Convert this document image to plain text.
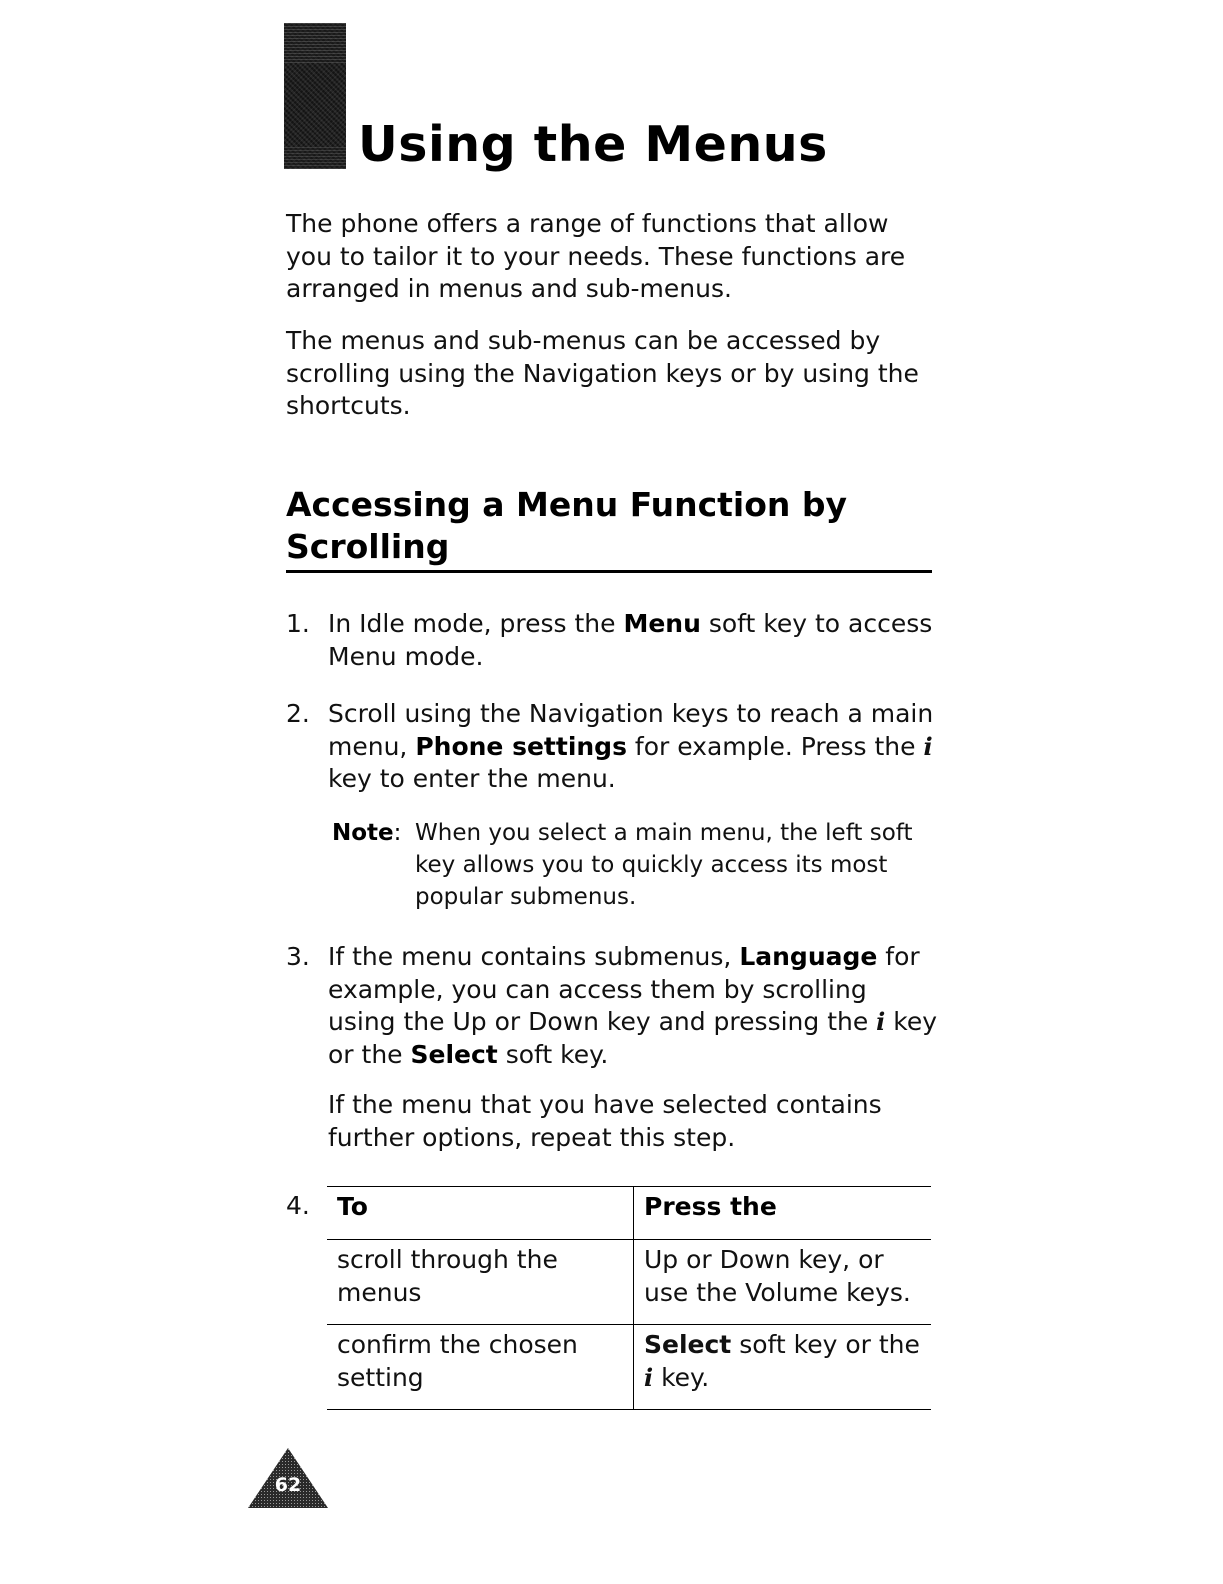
Using the Menus

The phone offers a range of functions that allow you to tailor it to your needs. These functions are arranged in menus and sub-menus.

The menus and sub-menus can be accessed by scrolling using the Navigation keys or by using the shortcuts.

Accessing a Menu Function by Scrolling
1. In Idle mode, press the Menu soft key to access Menu mode.
2. Scroll using the Navigation keys to reach a main menu, Phone settings for example. Press the i key to enter the menu.
Note: When you select a main menu, the left soft key allows you to quickly access its most popular submenus.
3. If the menu contains submenus, Language for example, you can access them by scrolling using the Up or Down key and pressing the i key or the Select soft key.
If the menu that you have selected contains further options, repeat this step.
4. To	Press the
scroll through the menus	Up or Down key, or use the Volume keys.
confirm the chosen setting	Select soft key or the i key.
62
